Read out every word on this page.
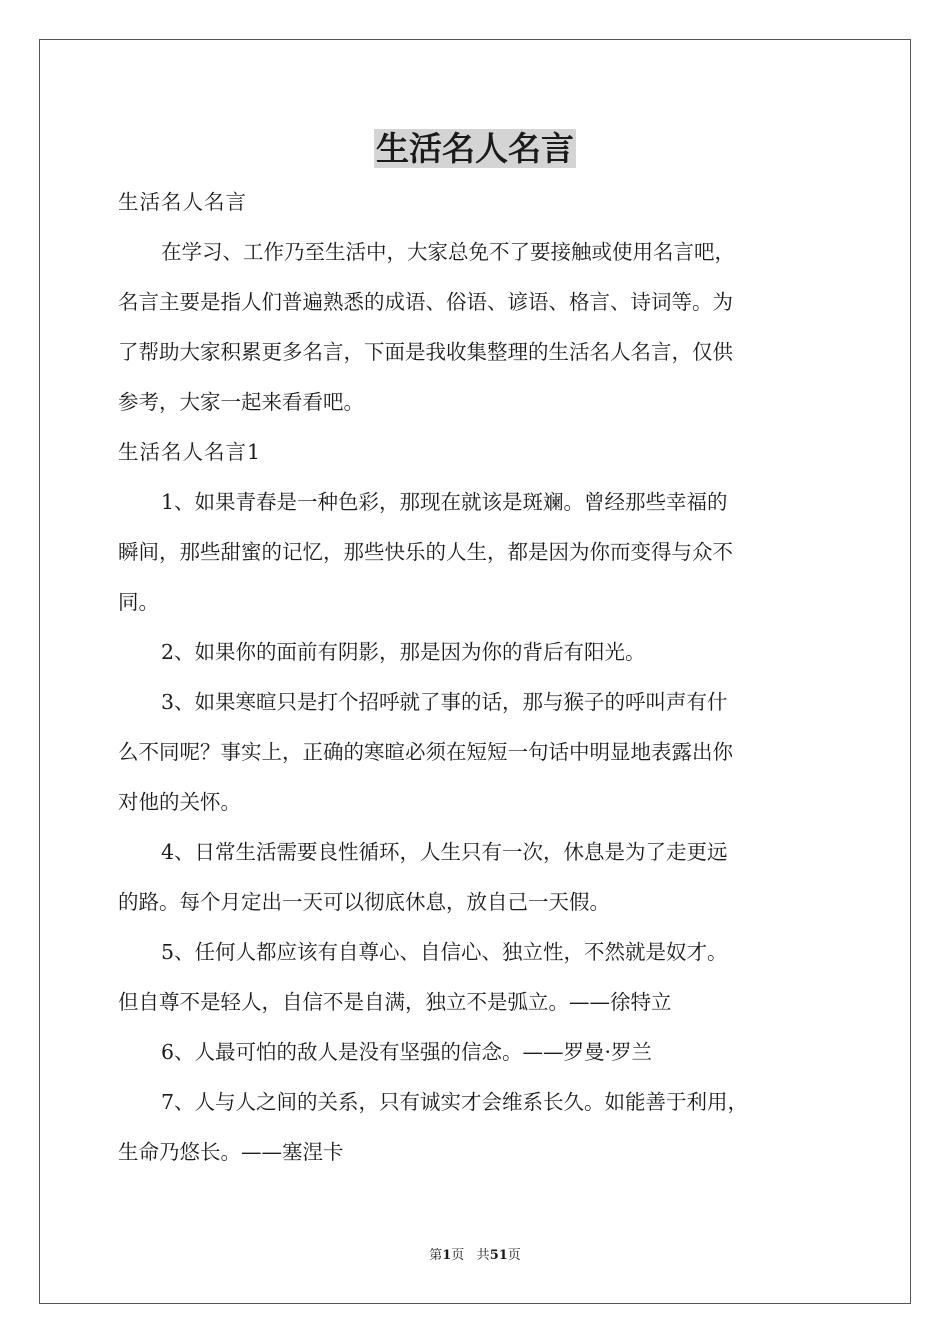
生活名人名言
生活名人名言
在学习、工作乃至生活中，大家总免不了要接触或使用名言吧，
名言主要是指人们普遍熟悉的成语、俗语、谚语、格言、诗词等。为
了帮助大家积累更多名言，下面是我收集整理的生活名人名言，仅供
参考，大家一起来看看吧。
生活名人名言1
1、如果青春是一种色彩，那现在就该是斑斓。曾经那些幸福的
瞬间，那些甜蜜的记忆，那些快乐的人生，都是因为你而变得与众不
同。
2、如果你的面前有阴影，那是因为你的背后有阳光。
3、如果寒暄只是打个招呼就了事的话，那与猴子的呼叫声有什
么不同呢？事实上，正确的寒暄必须在短短一句话中明显地表露出你
对他的关怀。
4、日常生活需要良性循环，人生只有一次，休息是为了走更远
的路。每个月定出一天可以彻底休息，放自己一天假。
5、任何人都应该有自尊心、自信心、独立性，不然就是奴才。
但自尊不是轻人，自信不是自满，独立不是弧立。——徐特立
6、人最可怕的敌人是没有坚强的信念。——罗曼·罗兰
7、人与人之间的关系，只有诚实才会维系长久。如能善于利用，
生命乃悠长。——塞涅卡
第1页 共51页
